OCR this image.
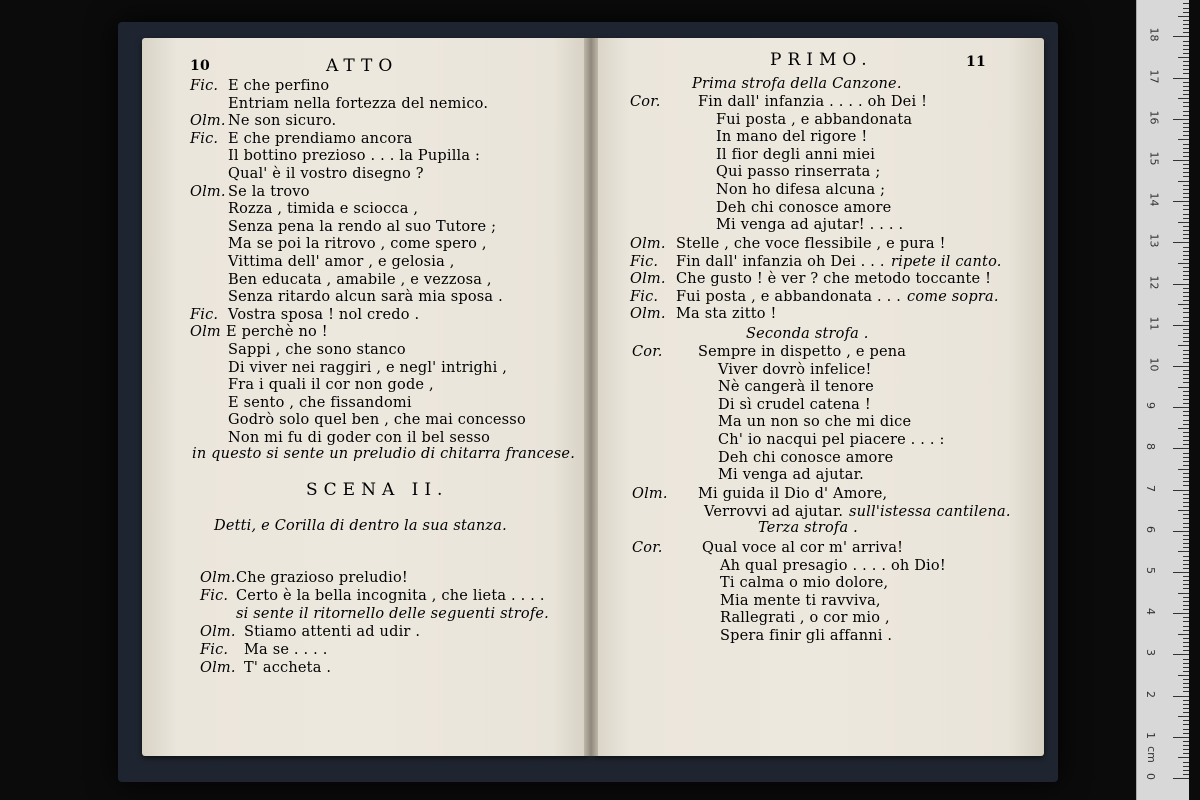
0
1
2
3
4
5
6
7
8
9
10
11
12
13
14
15
16
17
18
cm
10	ATTO
Fic. E che perfino
Entriam nella fortezza del nemico.
Olm. Ne son sicuro.
Fic. E che prendiamo ancora
Il bottino prezioso . . . la Pupilla :
Qual' è il vostro disegno ?
Olm. Se la trovo
Rozza , timida e sciocca ,
Senza pena la rendo al suo Tutore ;
Ma se poi la ritrovo , come spero ,
Vittima dell' amor , e gelosia ,
Ben educata , amabile , e vezzosa ,
Senza ritardo alcun sarà mia sposa .
Fic. Vostra sposa ! nol credo .
Olm E perchè no !
Sappi , che sono stanco
Di viver nei raggiri , e negl' intrighi ,
Fra i quali il cor non gode ,
E sento , che fissandomi
Godrò solo quel ben , che mai concesso
Non mi fu di goder con il bel sesso
in questo si sente un preludio di chitarra francese.
SCENA II.
Detti, e Corilla di dentro la sua stanza.
Olm. Che grazioso preludio!
Fic. Certo è la bella incognita , che lieta . . . .
si sente il ritornello delle seguenti strofe.
Olm. Stiamo attenti ad udir .
Fic. Ma se . . . .
Olm. T' accheta .
PRIMO.	11
Prima strofa della Canzone.
Cor.	Fin dall' infanzia . . . . oh Dei !
Fui posta , e abbandonata
In mano del rigore !
Il fior degli anni miei
Qui passo rinserrata ;
Non ho difesa alcuna ;
Deh chi conosce amore
Mi venga ad ajutar! . . . .
Olm. Stelle , che voce flessibile , e pura !
Fic. Fin dall' infanzia oh Dei . . . ripete il canto.
Olm. Che gusto ! è ver ? che metodo toccante !
Fic. Fui posta , e abbandonata . . . come sopra.
Olm. Ma sta zitto !
Seconda strofa .
Cor. Sempre in dispetto , e pena
Viver dovrò infelice!
Nè cangerà il tenore
Di sì crudel catena !
Ma un non so che mi dice
Ch' io nacqui pel piacere . . . :
Deh chi conosce amore
Mi venga ad ajutar.
Olm. Mi guida il Dio d' Amore,
Verrovvi ad ajutar. sull'istessa cantilena.
Terza strofa .
Cor.	Qual voce al cor m' arriva!
Ah qual presagio . . . . oh Dio!
Ti calma o mio dolore,
Mia mente ti ravviva,
Rallegrati , o cor mio ,
Spera finir gli affanni .
